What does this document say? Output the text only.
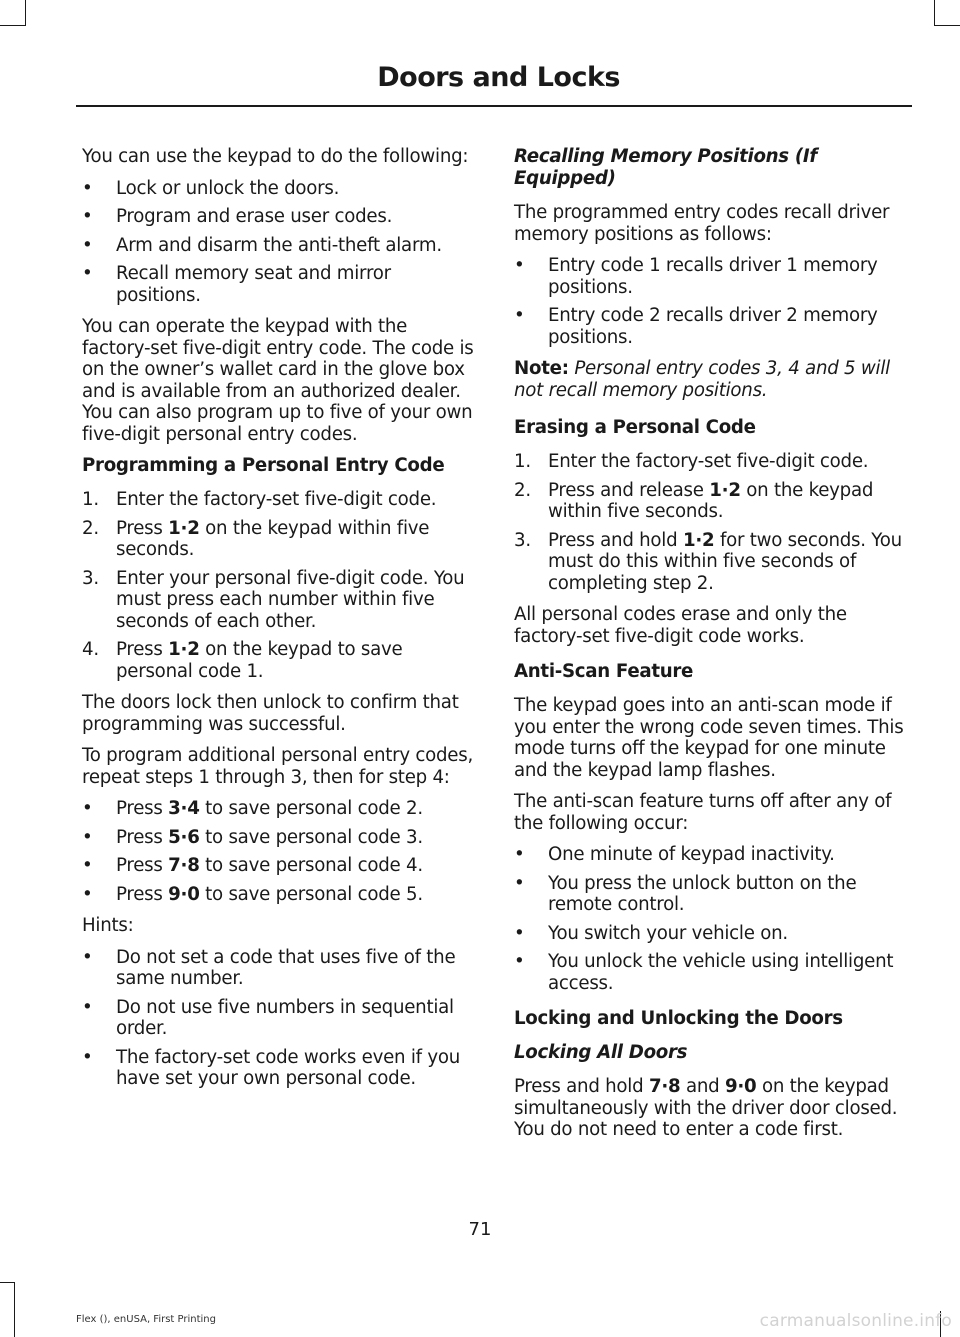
Doors and Locks

You can use the keypad to do the following:

• Lock or unlock the doors.
• Program and erase user codes.
• Arm and disarm the anti-theft alarm.
• Recall memory seat and mirror positions.

You can operate the keypad with the factory-set five-digit entry code. The code is on the owner’s wallet card in the glove box and is available from an authorized dealer. You can also program up to five of your own five-digit personal entry codes.

Programming a Personal Entry Code
1. Enter the factory-set five-digit code.
2. Press 1·2 on the keypad within five seconds.
3. Enter your personal five-digit code. You must press each number within five seconds of each other.
4. Press 1·2 on the keypad to save personal code 1.

The doors lock then unlock to confirm that programming was successful.

To program additional personal entry codes, repeat steps 1 through 3, then for step 4:

• Press 3·4 to save personal code 2.
• Press 5·6 to save personal code 3.
• Press 7·8 to save personal code 4.
• Press 9·0 to save personal code 5.

Hints:

• Do not set a code that uses five of the same number.
• Do not use five numbers in sequential order.
• The factory-set code works even if you have set your own personal code.
Recalling Memory Positions (If Equipped)

The programmed entry codes recall driver memory positions as follows:

• Entry code 1 recalls driver 1 memory positions.
• Entry code 2 recalls driver 2 memory positions.

Note: Personal entry codes 3, 4 and 5 will not recall memory positions.

Erasing a Personal Code
1. Enter the factory-set five-digit code.
2. Press and release 1·2 on the keypad within five seconds.
3. Press and hold 1·2 for two seconds. You must do this within five seconds of completing step 2.

All personal codes erase and only the factory-set five-digit code works.

Anti-Scan Feature

The keypad goes into an anti-scan mode if you enter the wrong code seven times. This mode turns off the keypad for one minute and the keypad lamp flashes.

The anti-scan feature turns off after any of the following occur:

• One minute of keypad inactivity.
• You press the unlock button on the remote control.
• You switch your vehicle on.
• You unlock the vehicle using intelligent access.
Locking and Unlocking the Doors
Locking All Doors

Press and hold 7·8 and 9·0 on the keypad simultaneously with the driver door closed. You do not need to enter a code first.

71
Flex (), enUSA, First Printing	carmanualsonline.info
